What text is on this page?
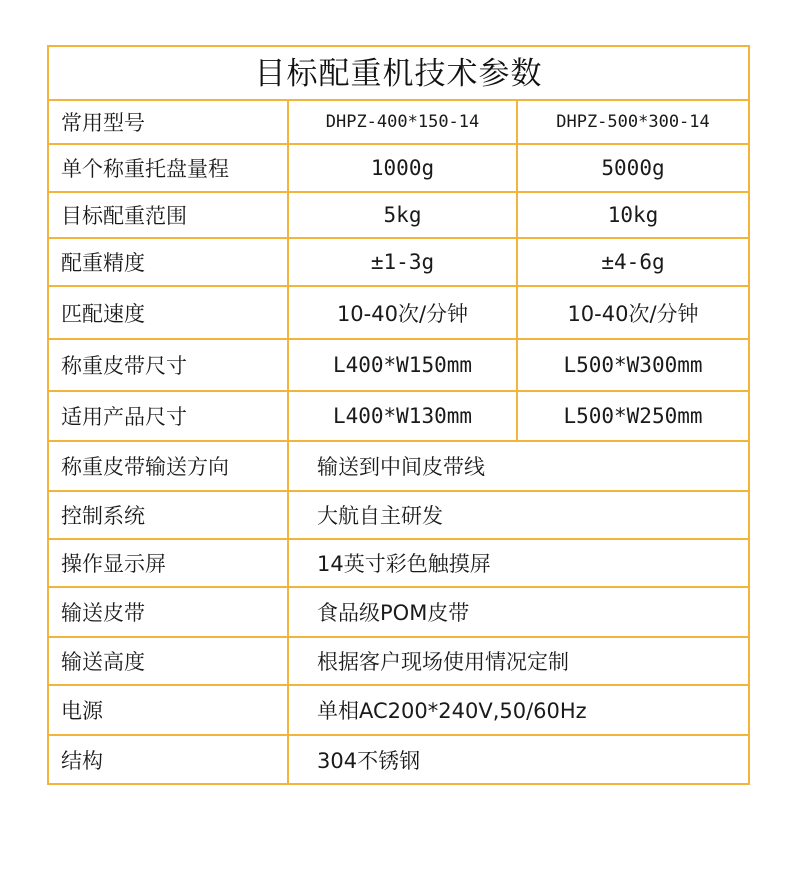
目标配重机技术参数
常用型号	DHPZ-400*150-14	DHPZ-500*300-14
单个称重托盘量程	1000g	5000g
目标配重范围	5kg	10kg
配重精度	±1-3g	±4-6g
匹配速度	10-40次/分钟	10-40次/分钟
称重皮带尺寸	L400*W150mm	L500*W300mm
适用产品尺寸	L400*W130mm	L500*W250mm
称重皮带输送方向	输送到中间皮带线
控制系统	大航自主研发
操作显示屏	14英寸彩色触摸屏
输送皮带	食品级POM皮带
输送高度	根据客户现场使用情况定制
电源	单相AC200*240V,50/60Hz
结构	304不锈钢
